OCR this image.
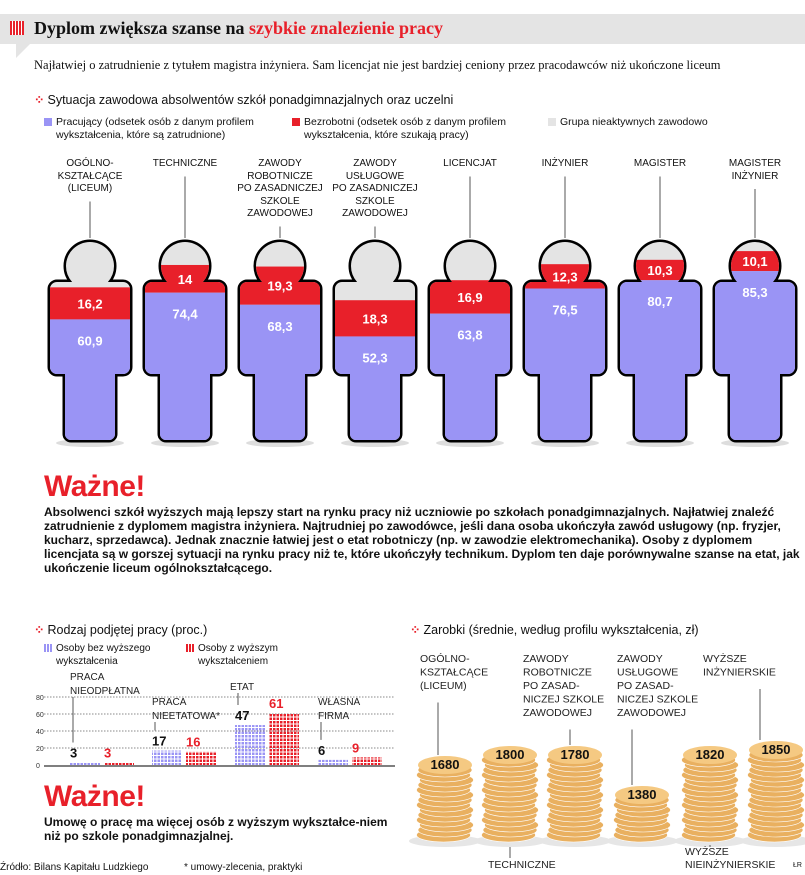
Dyplom zwiększa szanse na szybkie znalezienie pracy
Najłatwiej o zatrudnienie z tytułem magistra inżyniera. Sam licencjat nie jest bardziej ceniony przez pracodawców niż ukończone liceum
⁘ Sytuacja zawodowa absolwentów szkół ponadgimnazjalnych oraz uczelni
Pracujący (odsetek osób z danym profilem wykształcenia, które są zatrudnione)
Bezrobotni (odsetek osób z danym profilem wykształcenia, które szukają pracy)
Grupa nieaktywnych zawodowo
OGÓLNO-
KSZTAŁCĄCE
(LICEUM)
TECHNICZNE	ZAWODY
ROBOTNICZE
PO ZASADNICZEJ
SZKOLE
ZAWODOWEJ
ZAWODY
USŁUGOWE
PO ZASADNICZEJ
SZKOLE
ZAWODOWEJ
LICENCJAT	INŻYNIER	MAGISTER	MAGISTER
INŻYNIER
16,2
60,9
14
74,4
19,3
68,3	18,3
52,3
16,9
63,8
12,3
76,5
10,3
80,7
10,1
85,3
Ważne!
Absolwenci szkół wyższych mają lepszy start na rynku pracy niż uczniowie po szkołach ponadgimnazjalnych. Najłatwiej znaleźć zatrudnienie z dyplomem magistra inżyniera. Najtrudniej po zawodówce, jeśli dana osoba ukończyła zawód usługowy (np. fryzjer, kucharz, sprzedawca). Jednak znacznie łatwiej jest o etat robotniczy (np. w zawodzie elektromechanika). Osoby z dyplomem licencjata są w gorszej sytuacji na rynku pracy niż te, które ukończyły technikum. Dyplom ten daje porównywalne szanse na etat, jak ukończenie liceum ogólnokształcącego.
⁘ Rodzaj podjętej pracy (proc.)
Osoby bez wyższego wykształcenia
Osoby z wyższym wykształceniem
0
20
40
60
80
PRACA
NIEODPŁATNA
3 3
PRACA
NIEETATOWA*
17 16
ETAT
47
61	WŁASNA
FIRMA
6 9
Ważne!
Umowę o pracę ma więcej osób z wyższym wykształce-niem niż po szkole ponadgimnazjalnej.
⁘ Zarobki (średnie, według profilu wykształcenia, zł)
1680
OGÓLNO-
KSZTAŁCĄCE
(LICEUM)
1800
TECHNICZNE
1780
ZAWODY
ROBOTNICZE
PO ZASAD-
NICZEJ SZKOLE
ZAWODOWEJ
1380
ZAWODY
USŁUGOWE
PO ZASAD-
NICZEJ SZKOLE
ZAWODOWEJ
1820
WYŻSZE
NIEINŻYNIERSKIE
1850
WYŻSZE
INŻYNIERSKIE
Źródło: Bilans Kapitału Ludzkiego	* umowy-zlecenia, praktyki	ŁR
